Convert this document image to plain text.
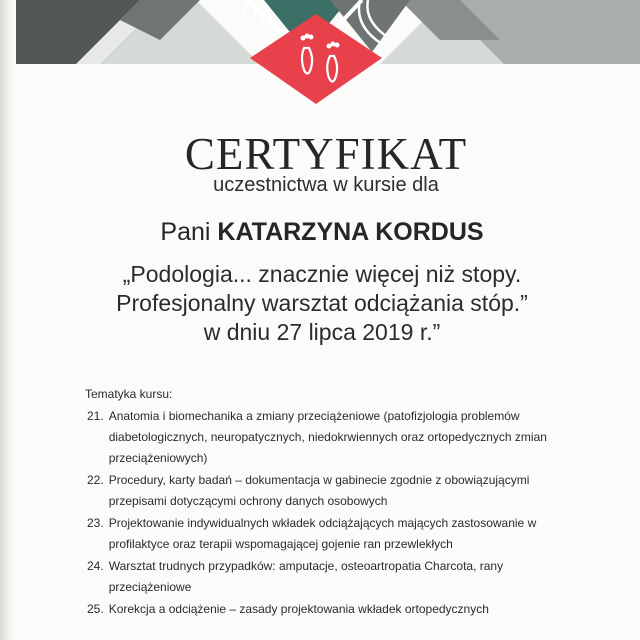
CERTYFIKAT
uczestnictwa w kursie dla
Pani KATARZYNA KORDUS
„Podologia... znacznie więcej niż stopy.
Profesjonalny warsztat odciążania stóp.”
w dniu 27 lipca 2019 r.”
Tematyka kursu:
21. Anatomia i biomechanika a zmiany przeciążeniowe (patofizjologia problemów
diabetologicznych, neuropatycznych, niedokrwiennych oraz ortopedycznych zmian
przeciążeniowych)
22. Procedury, karty badań – dokumentacja w gabinecie zgodnie z obowiązującymi
przepisami dotyczącymi ochrony danych osobowych
23. Projektowanie indywidualnych wkładek odciążających mających zastosowanie w
profilaktyce oraz terapii wspomagającej gojenie ran przewlekłych
24. Warsztat trudnych przypadków: amputacje, osteoartropatia Charcota, rany
przeciążeniowe
25. Korekcja a odciążenie – zasady projektowania wkładek ortopedycznych
